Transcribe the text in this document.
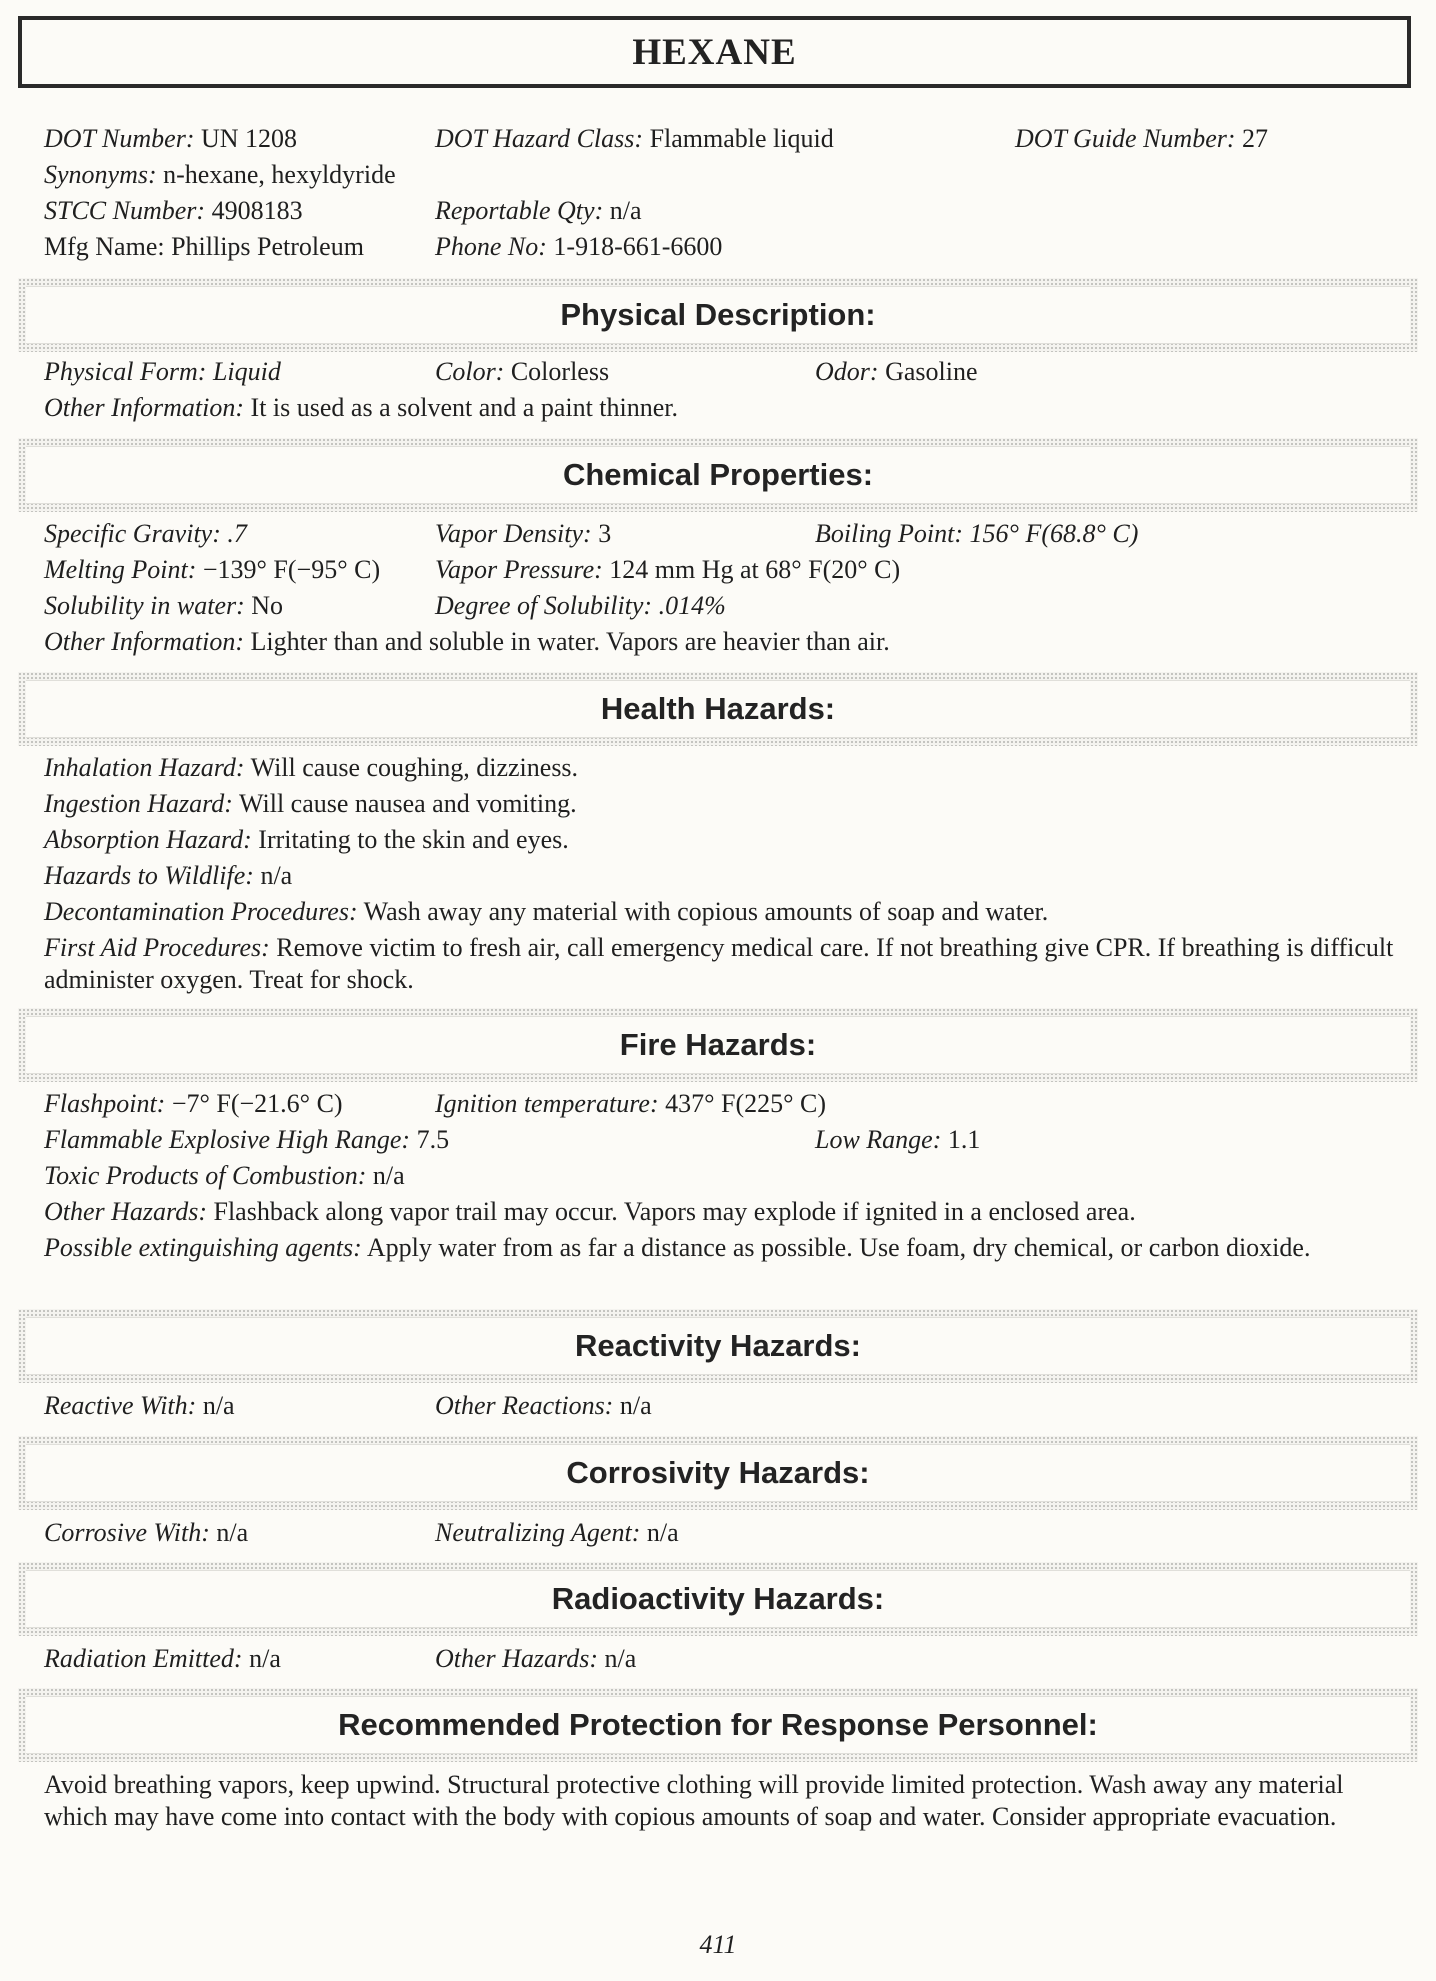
HEXANE
DOT Number: UN 1208	DOT Hazard Class: Flammable liquid	DOT Guide Number: 27
Synonyms: n-hexane, hexyldyride
STCC Number: 4908183	Reportable Qty: n/a
Mfg Name: Phillips Petroleum	Phone No: 1-918-661-6600
Physical Description:
Physical Form: Liquid	Color: Colorless	Odor: Gasoline
Other Information: It is used as a solvent and a paint thinner.
Chemical Properties:
Specific Gravity: .7	Vapor Density: 3	Boiling Point: 156° F(68.8° C)
Melting Point: −139° F(−95° C) Vapor Pressure: 124 mm Hg at 68° F(20° C)
Solubility in water: No	Degree of Solubility: .014%
Other Information: Lighter than and soluble in water. Vapors are heavier than air.
Health Hazards:
Inhalation Hazard: Will cause coughing, dizziness.
Ingestion Hazard: Will cause nausea and vomiting.
Absorption Hazard: Irritating to the skin and eyes.
Hazards to Wildlife: n/a
Decontamination Procedures: Wash away any material with copious amounts of soap and water.
First Aid Procedures: Remove victim to fresh air, call emergency medical care. If not breathing give CPR. If breathing is difficult administer oxygen. Treat for shock.
Fire Hazards:
Flashpoint: −7° F(−21.6° C)	Ignition temperature: 437° F(225° C)
Flammable Explosive High Range: 7.5	Low Range: 1.1
Toxic Products of Combustion: n/a
Other Hazards: Flashback along vapor trail may occur. Vapors may explode if ignited in a enclosed area.
Possible extinguishing agents: Apply water from as far a distance as possible. Use foam, dry chemical, or carbon dioxide.
Reactivity Hazards:
Reactive With: n/a	Other Reactions: n/a
Corrosivity Hazards:
Corrosive With: n/a	Neutralizing Agent: n/a
Radioactivity Hazards:
Radiation Emitted: n/a	Other Hazards: n/a
Recommended Protection for Response Personnel:
Avoid breathing vapors, keep upwind. Structural protective clothing will provide limited protection. Wash away any material which may have come into contact with the body with copious amounts of soap and water. Consider appropriate evacuation.
411
